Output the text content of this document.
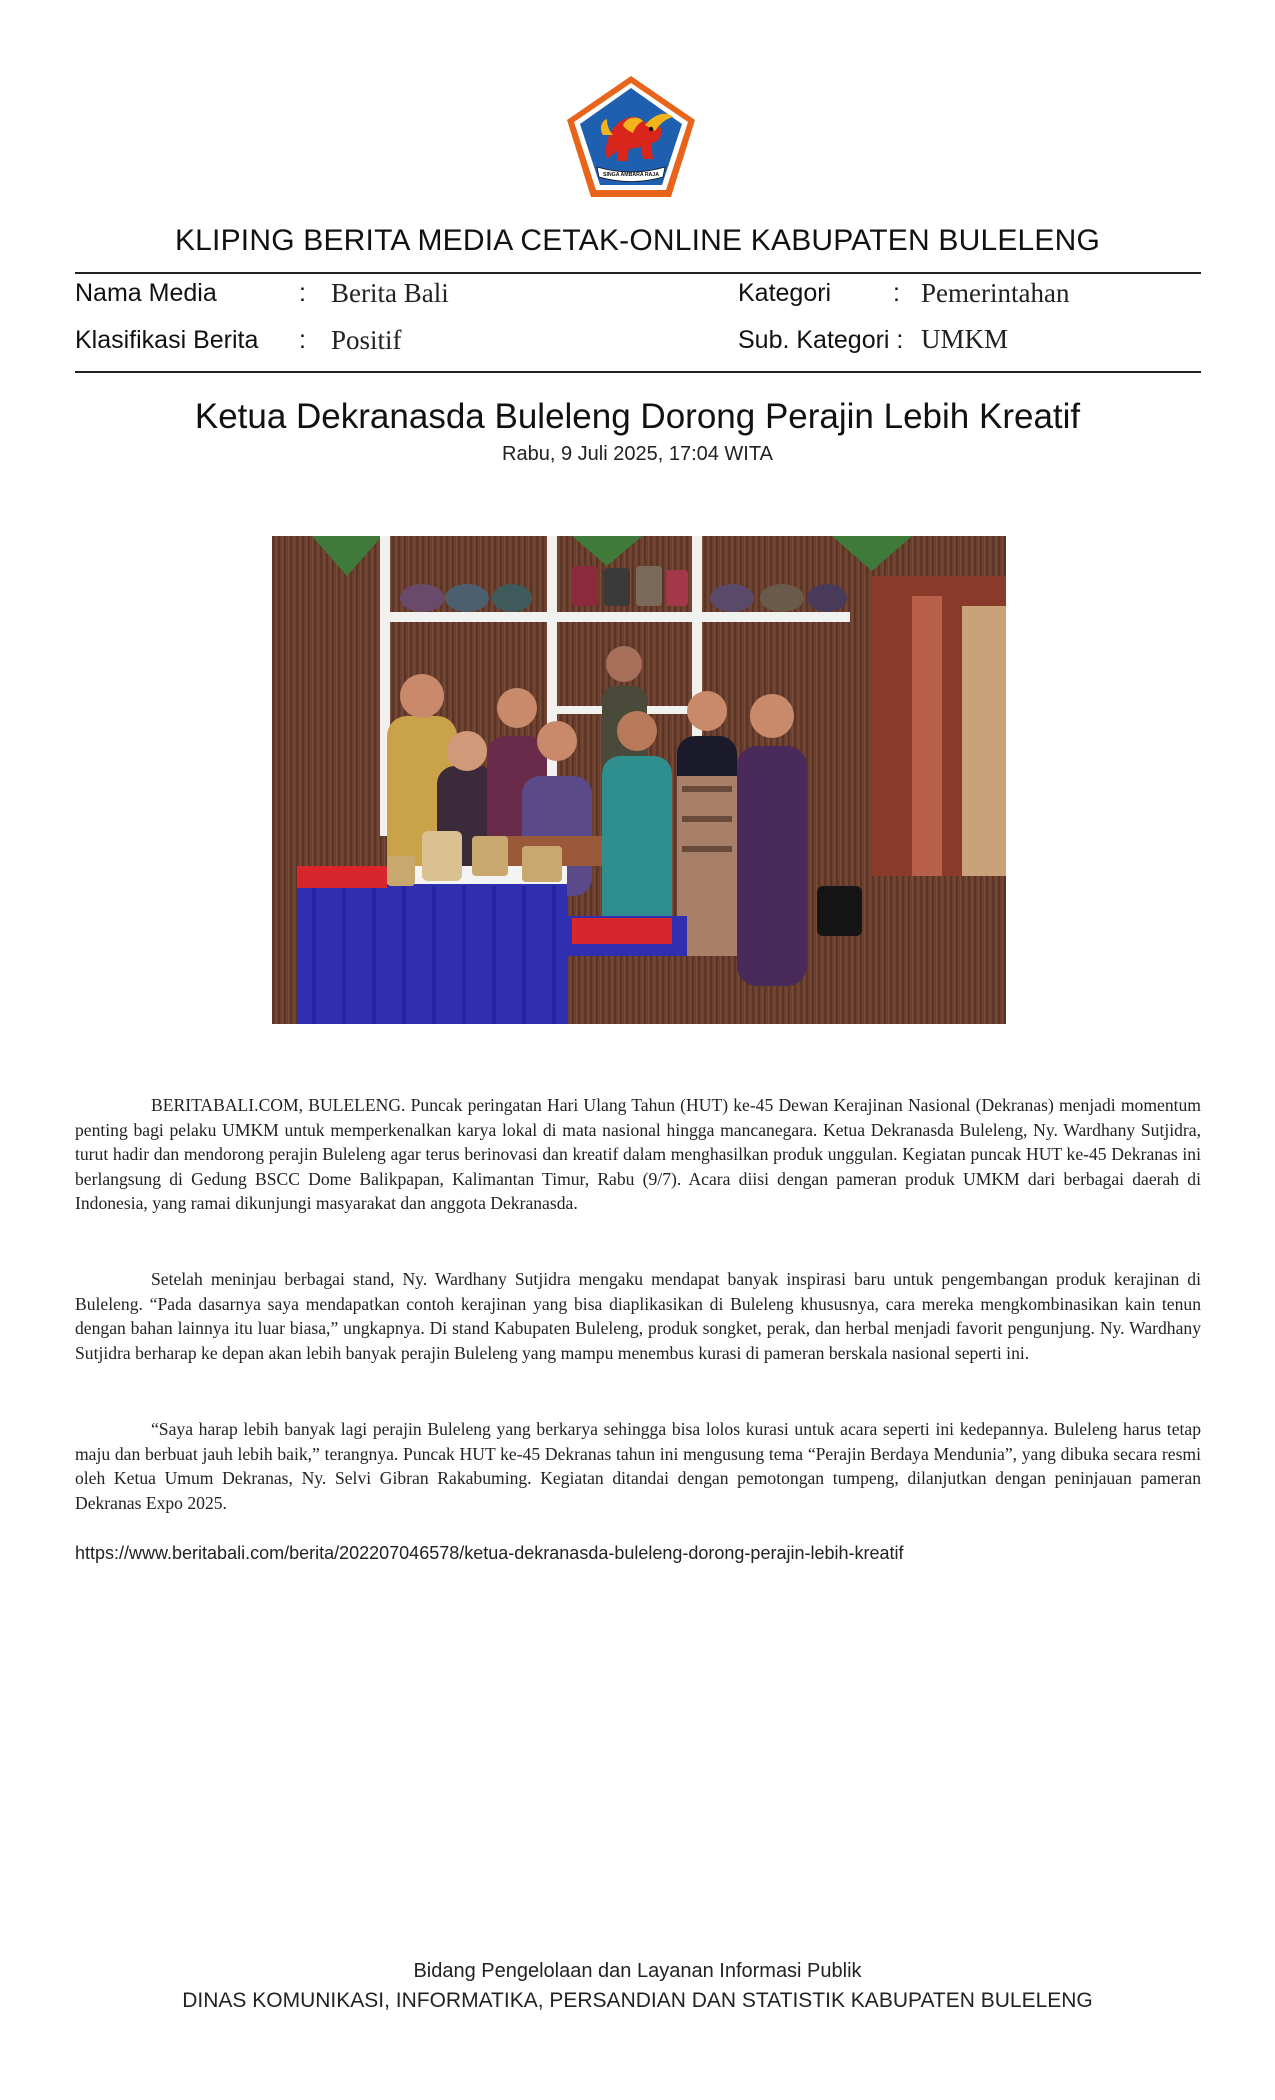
SINGA AMBARA RAJA
KLIPING BERITA MEDIA CETAK-ONLINE KABUPATEN BULELENG
Nama Media	: Berita Bali	Kategori : Pemerintahan
Klasifikasi Berita : Positif	Sub. Kategori : UMKM
Ketua Dekranasda Buleleng Dorong Perajin Lebih Kreatif
Rabu, 9 Juli 2025, 17:04 WITA

BERITABALI.COM, BULELENG. Puncak peringatan Hari Ulang Tahun (HUT) ke-45 Dewan Kerajinan Nasional (Dekranas) menjadi momentum penting bagi pelaku UMKM untuk memperkenalkan karya lokal di mata nasional hingga mancanegara. Ketua Dekranasda Buleleng, Ny. Wardhany Sutjidra, turut hadir dan mendorong perajin Buleleng agar terus berinovasi dan kreatif dalam menghasilkan produk unggulan. Kegiatan puncak HUT ke-45 Dekranas ini berlangsung di Gedung BSCC Dome Balikpapan, Kalimantan Timur, Rabu (9/7). Acara diisi dengan pameran produk UMKM dari berbagai daerah di Indonesia, yang ramai dikunjungi masyarakat dan anggota Dekranasda.

Setelah meninjau berbagai stand, Ny. Wardhany Sutjidra mengaku mendapat banyak inspirasi baru untuk pengembangan produk kerajinan di Buleleng. “Pada dasarnya saya mendapatkan contoh kerajinan yang bisa diaplikasikan di Buleleng khususnya, cara mereka mengkombinasikan kain tenun dengan bahan lainnya itu luar biasa,” ungkapnya. Di stand Kabupaten Buleleng, produk songket, perak, dan herbal menjadi favorit pengunjung. Ny. Wardhany Sutjidra berharap ke depan akan lebih banyak perajin Buleleng yang mampu menembus kurasi di pameran berskala nasional seperti ini.

“Saya harap lebih banyak lagi perajin Buleleng yang berkarya sehingga bisa lolos kurasi untuk acara seperti ini kedepannya. Buleleng harus tetap maju dan berbuat jauh lebih baik,” terangnya. Puncak HUT ke-45 Dekranas tahun ini mengusung tema “Perajin Berdaya Mendunia”, yang dibuka secara resmi oleh Ketua Umum Dekranas, Ny. Selvi Gibran Rakabuming. Kegiatan ditandai dengan pemotongan tumpeng, dilanjutkan dengan peninjauan pameran Dekranas Expo 2025.

https://www.beritabali.com/berita/202207046578/ketua-dekranasda-buleleng-dorong-perajin-lebih-kreatif
Bidang Pengelolaan dan Layanan Informasi Publik
DINAS KOMUNIKASI, INFORMATIKA, PERSANDIAN DAN STATISTIK KABUPATEN BULELENG
